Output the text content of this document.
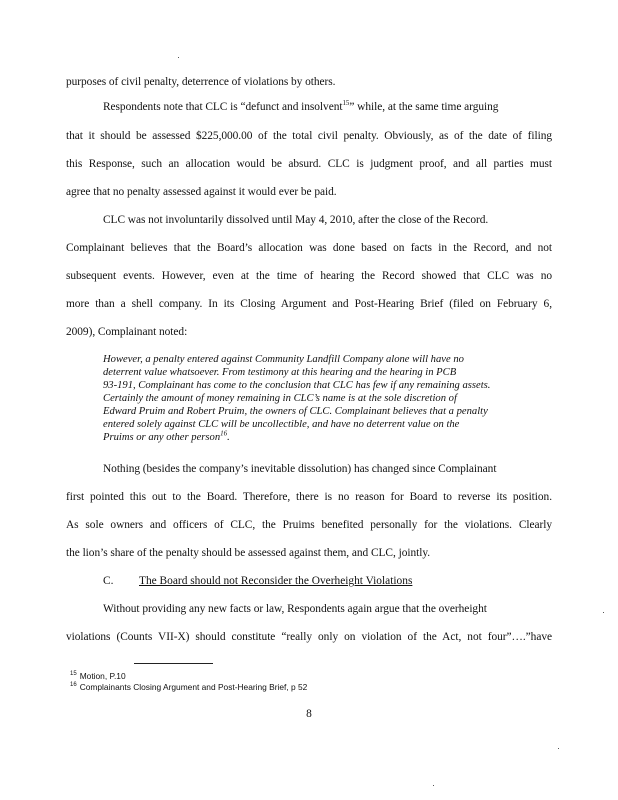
purposes of civil penalty, deterrence of violations by others.
Respondents note that CLC is “defunct and insolvent$^{15}$” while, at the same time arguing
that it should be assessed $225,000.00 of the total civil penalty. Obviously, as of the date of filing
this Response, such an allocation would be absurd. CLC is judgment proof, and all parties must
agree that no penalty assessed against it would ever be paid.
CLC was not involuntarily dissolved until May 4, 2010, after the close of the Record.
Complainant believes that the Board’s allocation was done based on facts in the Record, and not
subsequent events. However, even at the time of hearing the Record showed that CLC was no
more than a shell company. In its Closing Argument and Post-Hearing Brief (filed on February 6,
2009), Complainant noted:
However, a penalty entered against Community Landfill Company alone will have no
deterrent value whatsoever. From testimony at this hearing and the hearing in PCB
93-191, Complainant has come to the conclusion that CLC has few if any remaining assets.
Certainly the amount of money remaining in CLC’s name is at the sole discretion of
Edward Pruim and Robert Pruim, the owners of CLC. Complainant believes that a penalty
entered solely against CLC will be uncollectible, and have no deterrent value on the
Pruims or any other person$^{16}$.
Nothing (besides the company’s inevitable dissolution) has changed since Complainant
first pointed this out to the Board. Therefore, there is no reason for Board to reverse its position.
As sole owners and officers of CLC, the Pruims benefited personally for the violations. Clearly
the lion’s share of the penalty should be assessed against them, and CLC, jointly.
C. The Board should not Reconsider the Overheight Violations
Without providing any new facts or law, Respondents again argue that the overheight
violations (Counts VII-X) should constitute “really only on violation of the Act, not four”….”have
$^{15}$ Motion, P.10
$^{16}$ Complainants Closing Argument and Post-Hearing Brief, p 52
8
